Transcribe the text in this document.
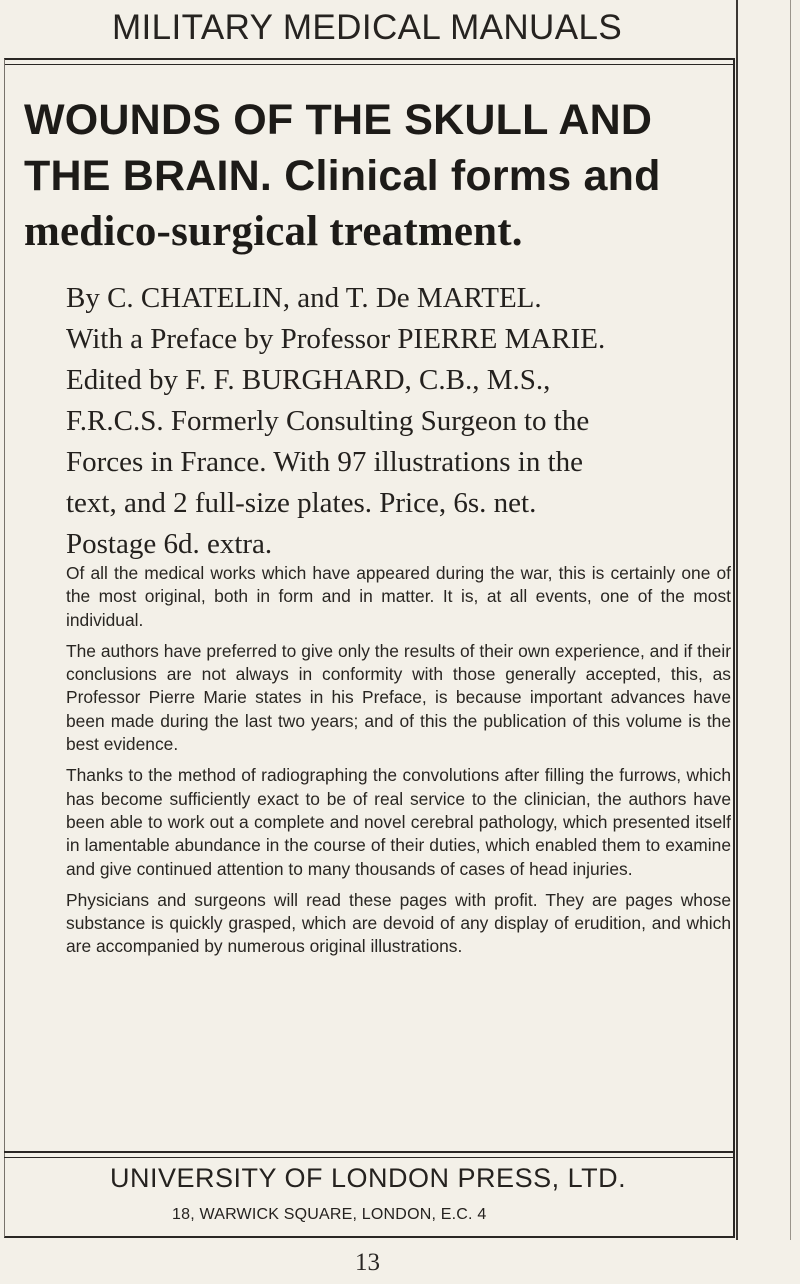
MILITARY MEDICAL MANUALS
WOUNDS OF THE SKULL AND
THE BRAIN. Clinical forms and
medico-surgical treatment.
By C. CHATELIN, and T. De MARTEL.
With a Preface by Professor PIERRE MARIE.
Edited by F. F. BURGHARD, C.B., M.S.,
F.R.C.S. Formerly Consulting Surgeon to the
Forces in France. With 97 illustrations in the
text, and 2 full-size plates. Price, 6s. net.
Postage 6d. extra.

Of all the medical works which have appeared during the war, this is certainly one of the most original, both in form and in matter. It is, at all events, one of the most individual.

The authors have preferred to give only the results of their own experience, and if their conclusions are not always in conformity with those generally accepted, this, as Professor Pierre Marie states in his Preface, is because important advances have been made during the last two years; and of this the publication of this volume is the best evidence.

Thanks to the method of radiographing the convolutions after filling the furrows, which has become sufficiently exact to be of real service to the clinician, the authors have been able to work out a complete and novel cerebral pathology, which presented itself in lamentable abundance in the course of their duties, which enabled them to examine and give continued attention to many thousands of cases of head injuries.

Physicians and surgeons will read these pages with profit. They are pages whose substance is quickly grasped, which are devoid of any display of erudition, and which are accompanied by numerous original illustrations.

UNIVERSITY OF LONDON PRESS, LTD.
18, WARWICK SQUARE, LONDON, E.C. 4
13
